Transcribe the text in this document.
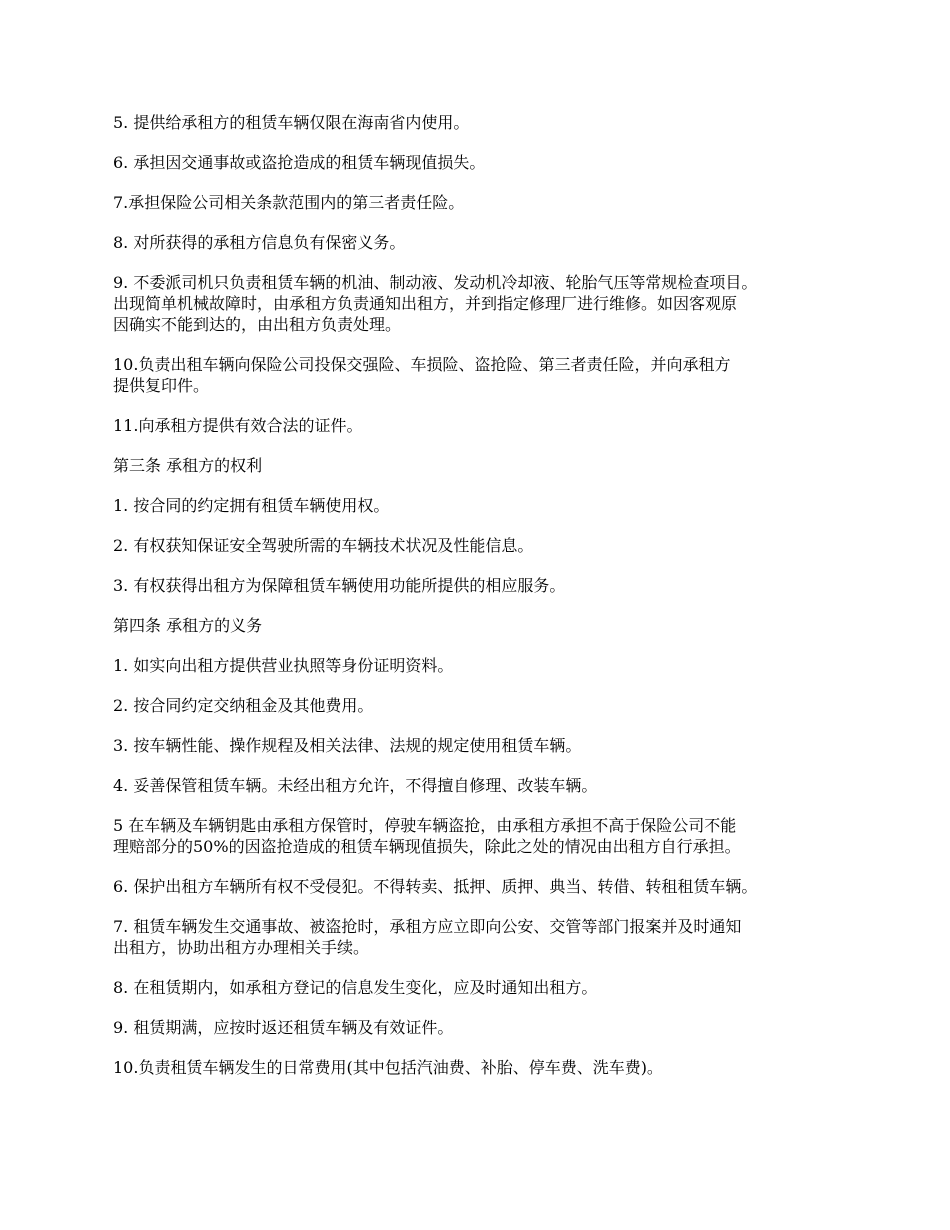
5. 提供给承租方的租赁车辆仅限在海南省内使用。

6. 承担因交通事故或盗抢造成的租赁车辆现值损失。

7.承担保险公司相关条款范围内的第三者责任险。

8. 对所获得的承租方信息负有保密义务。

9. 不委派司机只负责租赁车辆的机油、制动液、发动机冷却液、轮胎气压等常规检查项目。
出现简单机械故障时，由承租方负责通知出租方，并到指定修理厂进行维修。如因客观原
因确实不能到达的，由出租方负责处理。

10.负责出租车辆向保险公司投保交强险、车损险、盗抢险、第三者责任险，并向承租方
提供复印件。

11.向承租方提供有效合法的证件。

第三条 承租方的权利

1. 按合同的约定拥有租赁车辆使用权。

2. 有权获知保证安全驾驶所需的车辆技术状况及性能信息。

3. 有权获得出租方为保障租赁车辆使用功能所提供的相应服务。

第四条 承租方的义务

1. 如实向出租方提供营业执照等身份证明资料。

2. 按合同约定交纳租金及其他费用。

3. 按车辆性能、操作规程及相关法律、法规的规定使用租赁车辆。

4. 妥善保管租赁车辆。未经出租方允许，不得擅自修理、改装车辆。

5 在车辆及车辆钥匙由承租方保管时，停驶车辆盗抢，由承租方承担不高于保险公司不能
理赔部分的50%的因盗抢造成的租赁车辆现值损失，除此之处的情况由出租方自行承担。

6. 保护出租方车辆所有权不受侵犯。不得转卖、抵押、质押、典当、转借、转租租赁车辆。

7. 租赁车辆发生交通事故、被盗抢时，承租方应立即向公安、交管等部门报案并及时通知
出租方，协助出租方办理相关手续。

8. 在租赁期内，如承租方登记的信息发生变化，应及时通知出租方。

9. 租赁期满，应按时返还租赁车辆及有效证件。

10.负责租赁车辆发生的日常费用(其中包括汽油费、补胎、停车费、洗车费)。
